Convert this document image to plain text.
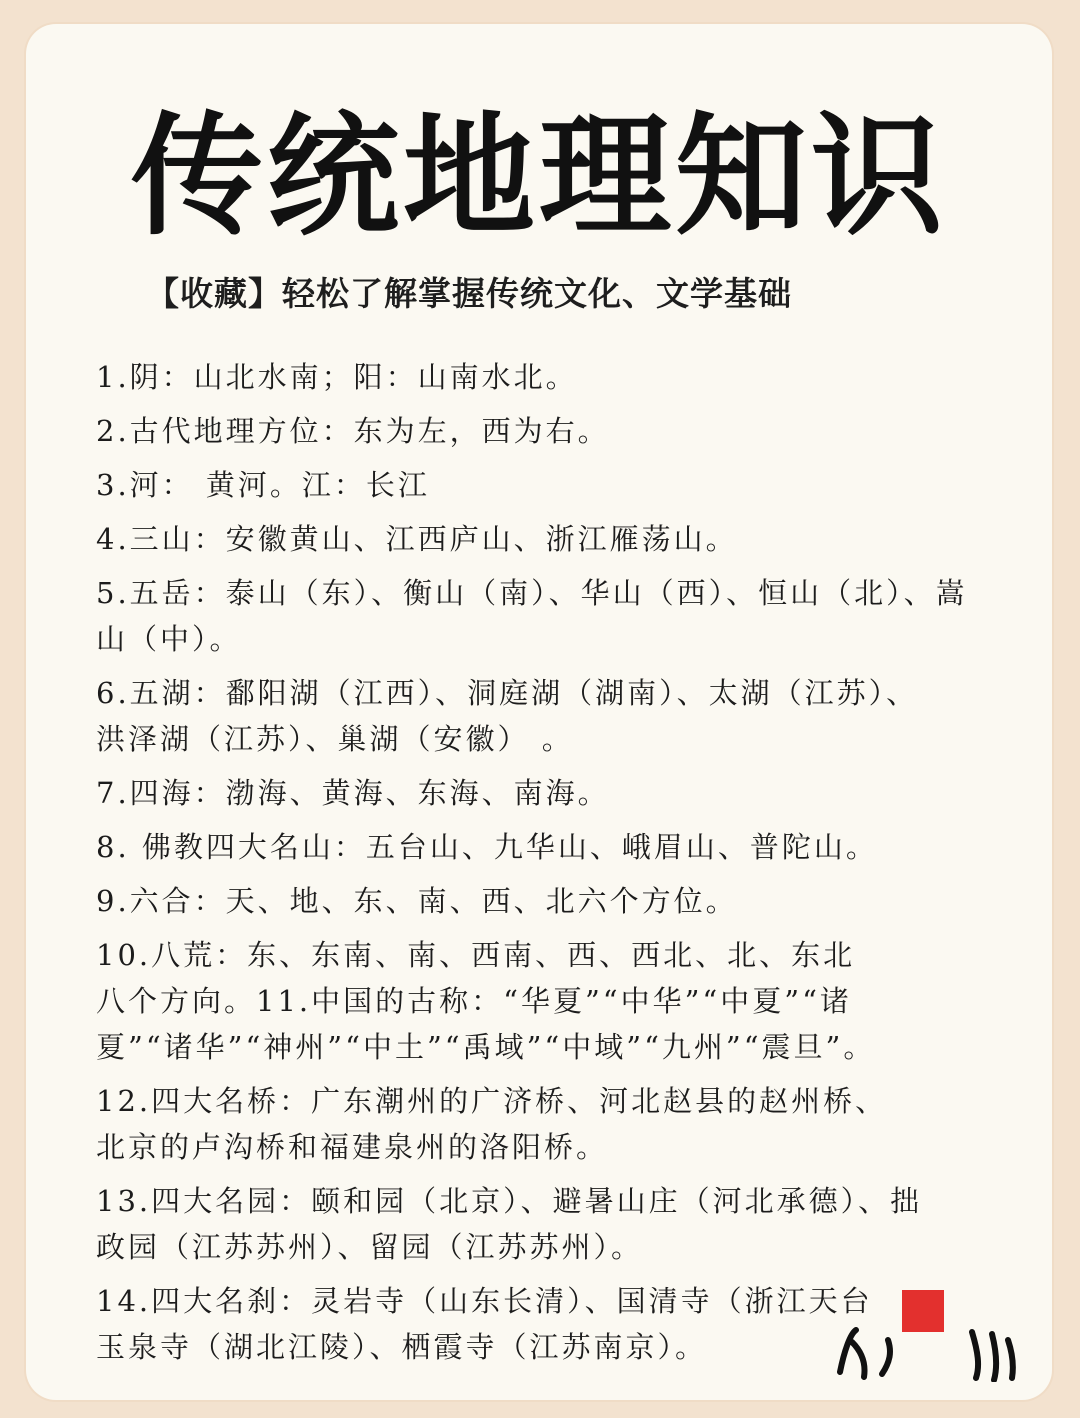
传统地理知识
【收藏】轻松了解掌握传统文化、文学基础
1.阴：山北水南；阳：山南水北。
2.古代地理方位：东为左，西为右。
3.河： 黄河。江：长江
4.三山：安徽黄山、江西庐山、浙江雁荡山。
5.五岳：泰山（东）、衡山（南）、华山（西）、恒山（北）、嵩
山（中）。
6.五湖：鄱阳湖（江西）、洞庭湖（湖南）、太湖（江苏）、
洪泽湖（江苏）、巢湖（安徽） 。
7.四海：渤海、黄海、东海、南海。
8. 佛教四大名山：五台山、九华山、峨眉山、普陀山。
9.六合：天、地、东、南、西、北六个方位。
10.八荒：东、东南、南、西南、西、西北、北、东北
八个方向。11.中国的古称：“华夏”“中华”“中夏”“诸
夏”“诸华”“神州”“中土”“禹域”“中域”“九州”“震旦”。
12.四大名桥：广东潮州的广济桥、河北赵县的赵州桥、
北京的卢沟桥和福建泉州的洛阳桥。
13.四大名园：颐和园（北京）、避暑山庄（河北承德）、拙
政园（江苏苏州）、留园（江苏苏州）。
14.四大名刹：灵岩寺（山东长清）、国清寺（浙江天台
玉泉寺（湖北江陵）、栖霞寺（江苏南京）。
